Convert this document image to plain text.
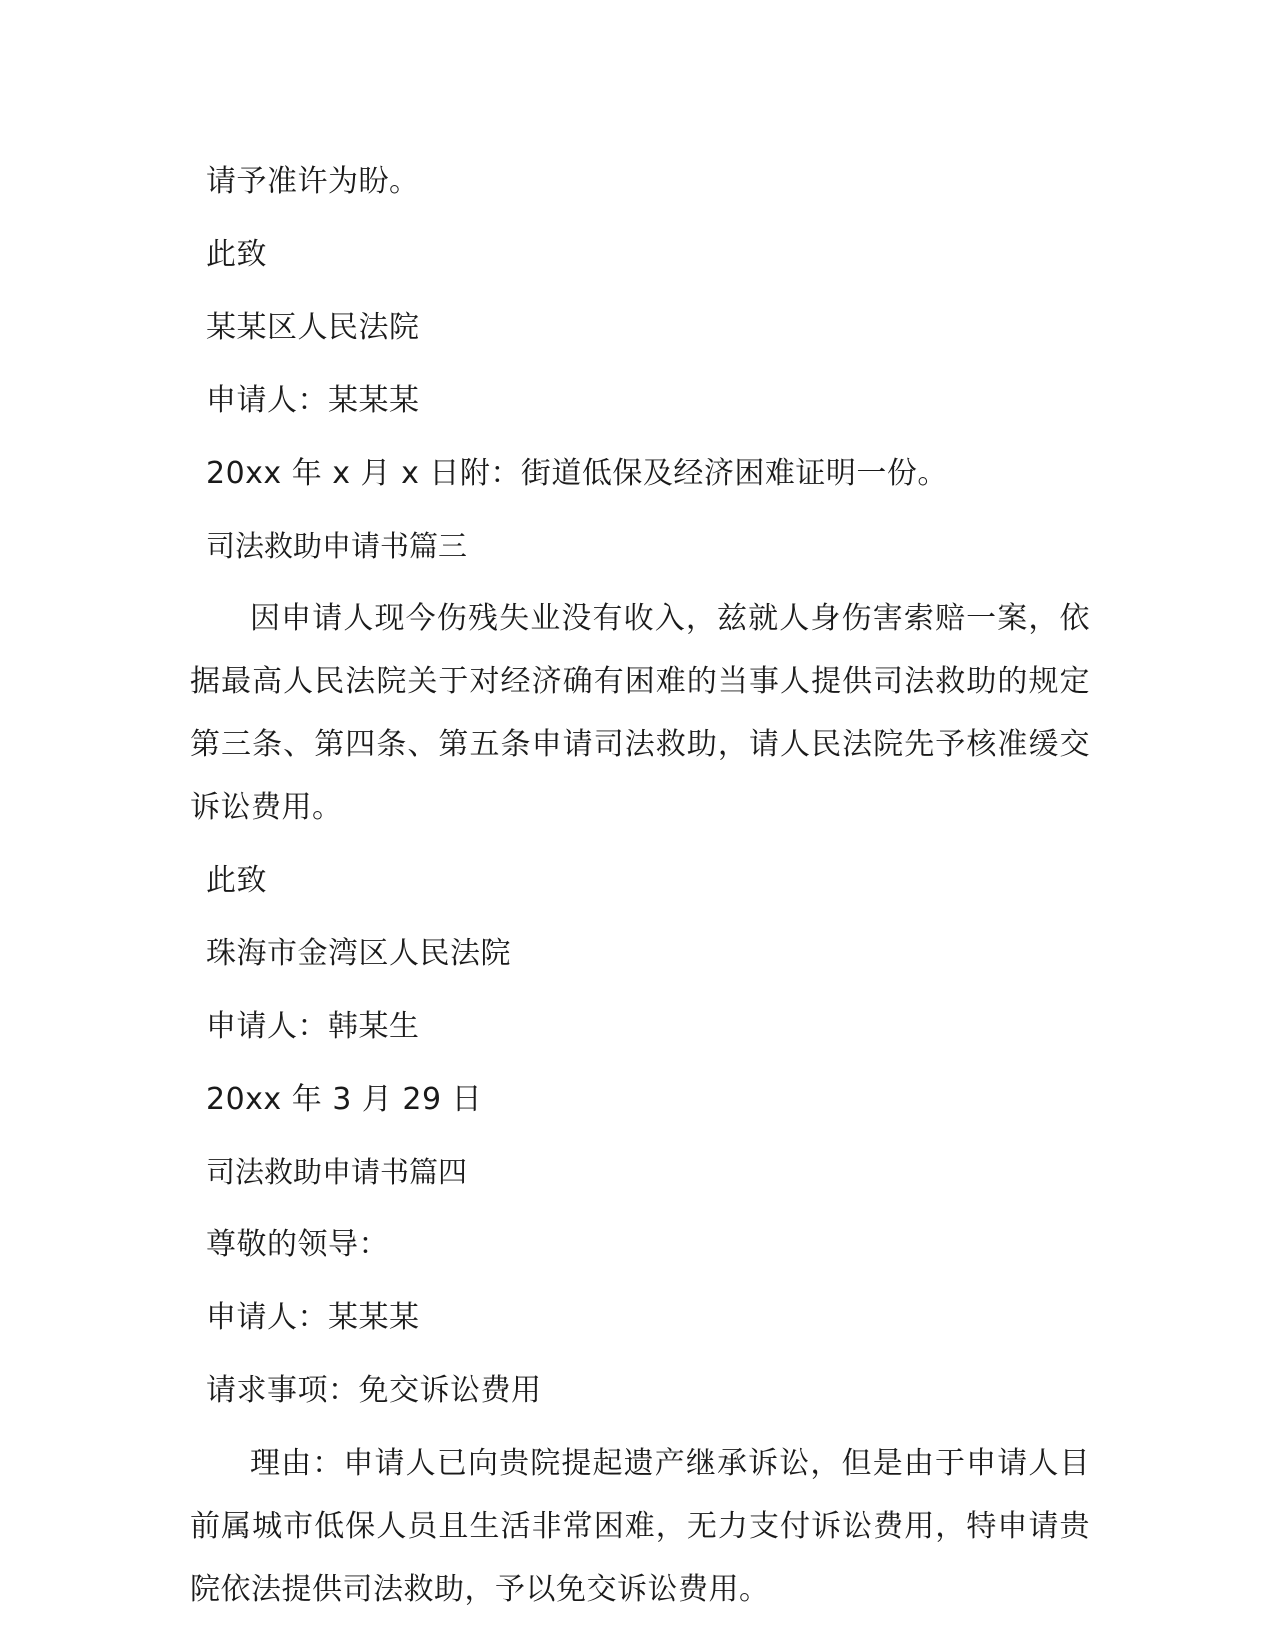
请予准许为盼。

此致

某某区人民法院

申请人：某某某

20xx 年 x 月 x 日附：街道低保及经济困难证明一份。

司法救助申请书篇三

因申请人现今伤残失业没有收入，兹就人身伤害索赔一案，依据最高人民法院关于对经济确有困难的当事人提供司法救助的规定第三条、第四条、第五条申请司法救助，请人民法院先予核准缓交诉讼费用。

此致

珠海市金湾区人民法院

申请人：韩某生

20xx 年 3 月 29 日

司法救助申请书篇四

尊敬的领导：

申请人：某某某

请求事项：免交诉讼费用

理由：申请人已向贵院提起遗产继承诉讼，但是由于申请人目前属城市低保人员且生活非常困难，无力支付诉讼费用，特申请贵院依法提供司法救助，予以免交诉讼费用。
